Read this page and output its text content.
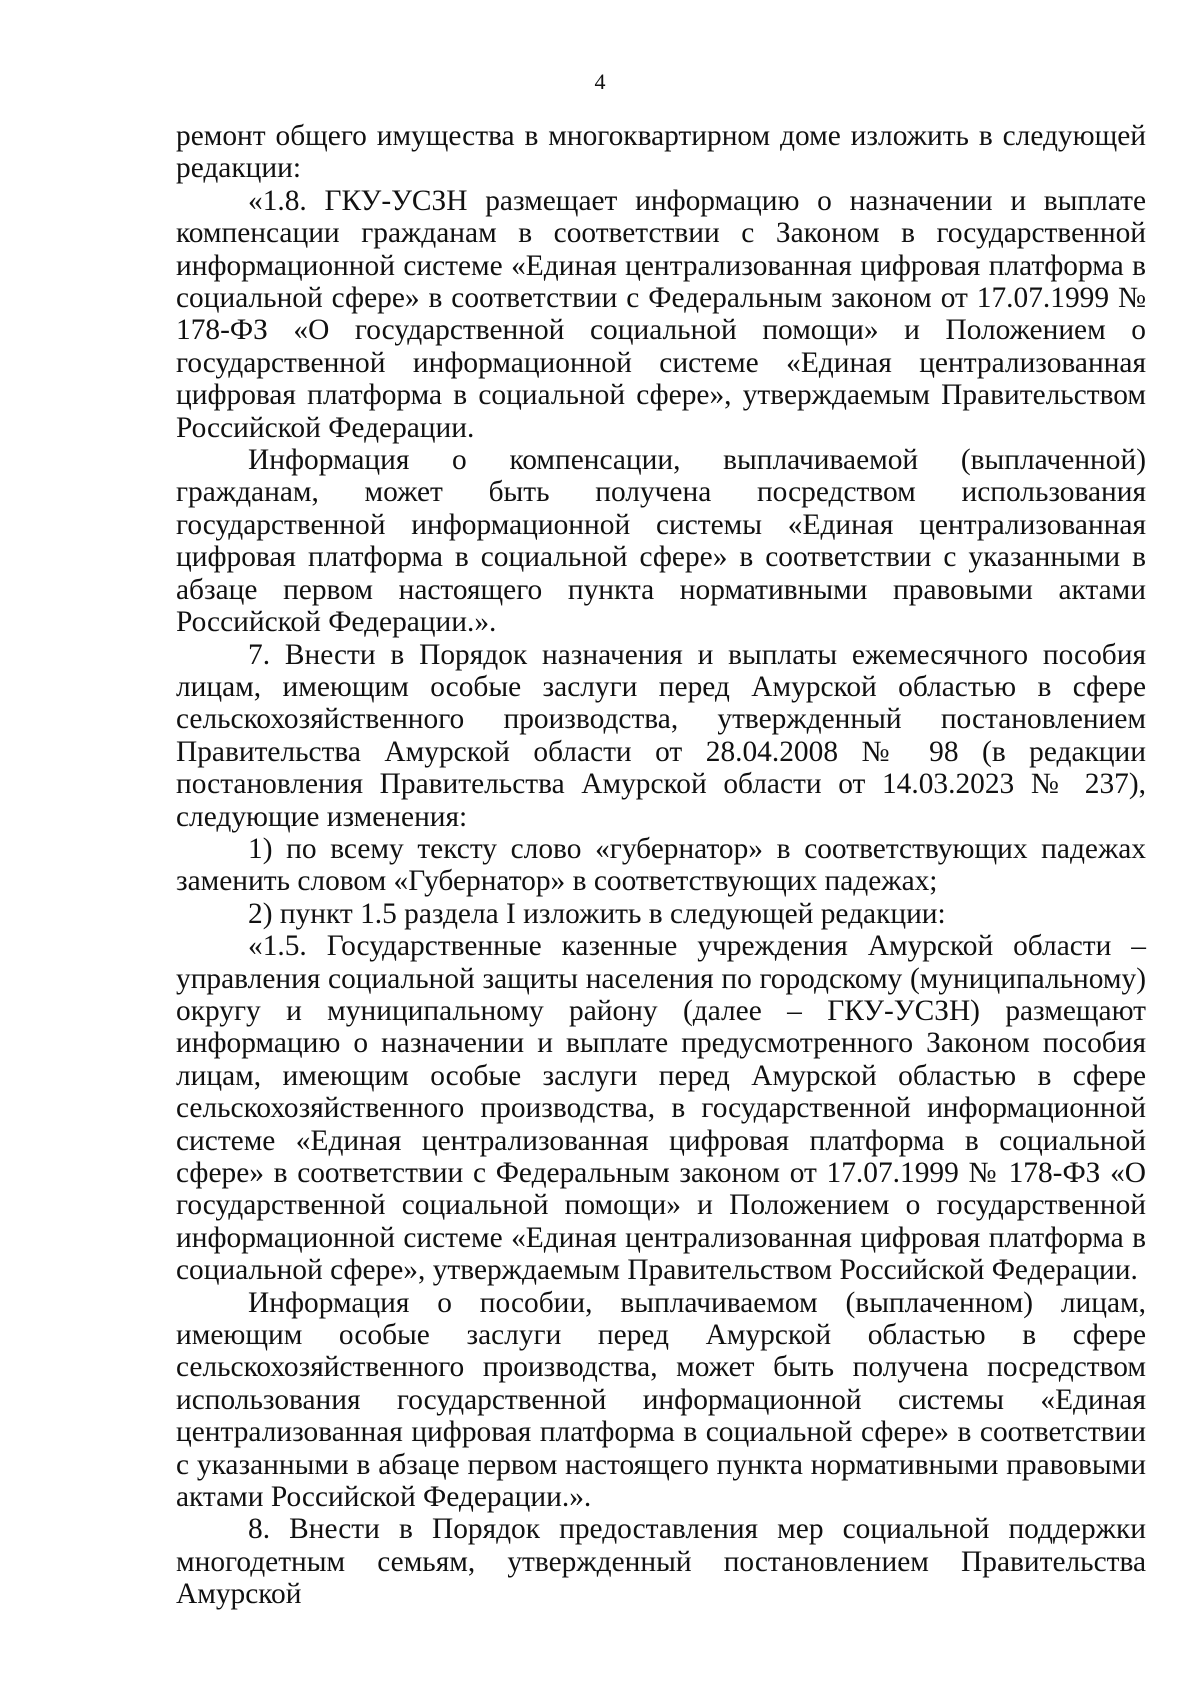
4

ремонт общего имущества в многоквартирном доме изложить в следующей редакции:

«1.8. ГКУ-УСЗН размещает информацию о назначении и выплате компенсации гражданам в соответствии с Законом в государственной информационной системе «Единая централизованная цифровая платформа в социальной сфере» в соответствии с Федеральным законом от 17.07.1999 № 178-ФЗ «О государственной социальной помощи» и Положением о государственной информационной системе «Единая централизованная цифровая платформа в социальной сфере», утверждаемым Правительством Российской Федерации.

Информация о компенсации, выплачиваемой (выплаченной) гражданам, может быть получена посредством использования государственной информационной системы «Единая централизованная цифровая платформа в социальной сфере» в соответствии с указанными в абзаце первом настоящего пункта нормативными правовыми актами Российской Федерации.».

7. Внести в Порядок назначения и выплаты ежемесячного пособия лицам, имеющим особые заслуги перед Амурской областью в сфере сельскохозяйственного производства, утвержденный постановлением Правительства Амурской области от 28.04.2008 № 98 (в редакции постановления Правительства Амурской области от 14.03.2023 № 237), следующие изменения:

1) по всему тексту слово «губернатор» в соответствующих падежах заменить словом «Губернатор» в соответствующих падежах;

2) пункт 1.5 раздела I изложить в следующей редакции:

«1.5. Государственные казенные учреждения Амурской области – управления социальной защиты населения по городскому (муниципальному) округу и муниципальному району (далее – ГКУ-УСЗН) размещают информацию о назначении и выплате предусмотренного Законом пособия лицам, имеющим особые заслуги перед Амурской областью в сфере сельскохозяйственного производства, в государственной информационной системе «Единая централизованная цифровая платформа в социальной сфере» в соответствии с Федеральным законом от 17.07.1999 № 178-ФЗ «О государственной социальной помощи» и Положением о государственной информационной системе «Единая централизованная цифровая платформа в социальной сфере», утверждаемым Правительством Российской Федерации.

Информация о пособии, выплачиваемом (выплаченном) лицам, имеющим особые заслуги перед Амурской областью в сфере сельскохозяйственного производства, может быть получена посредством использования государственной информационной системы «Единая централизованная цифровая платформа в социальной сфере» в соответствии с указанными в абзаце первом настоящего пункта нормативными правовыми актами Российской Федерации.».

8. Внести в Порядок предоставления мер социальной поддержки многодетным семьям, утвержденный постановлением Правительства Амурской
